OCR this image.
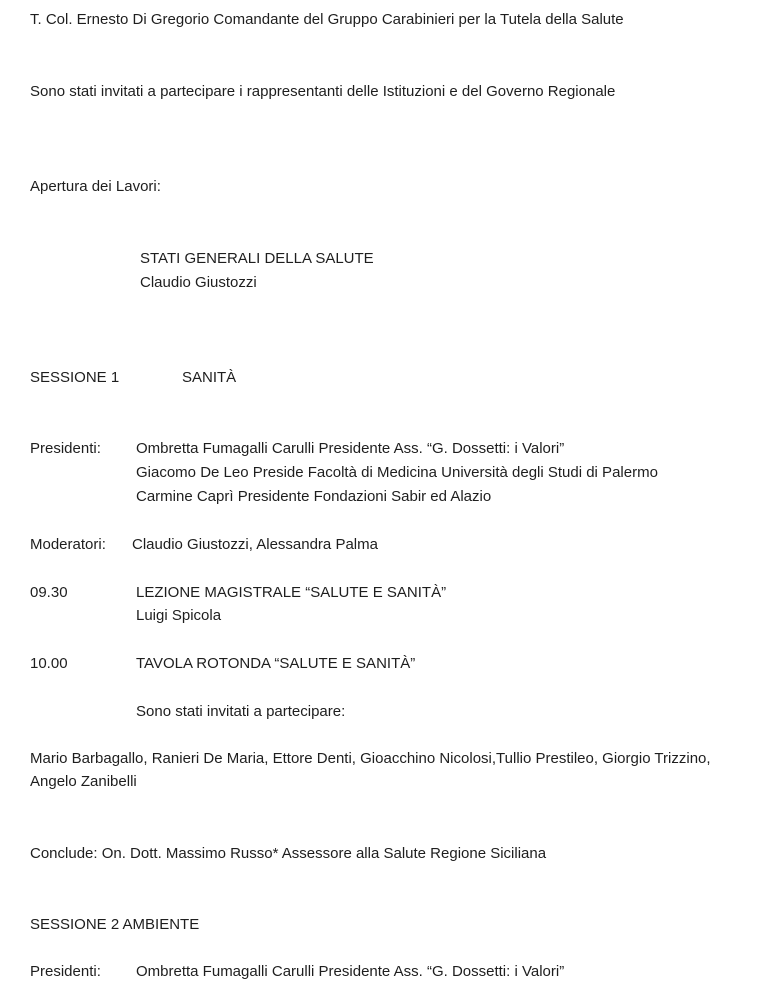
T. Col. Ernesto Di Gregorio Comandante del Gruppo Carabinieri per la Tutela della Salute
Sono stati invitati a partecipare i rappresentanti delle Istituzioni e del Governo Regionale
Apertura dei Lavori:
STATI GENERALI DELLA SALUTE
Claudio Giustozzi
SESSIONE 1	SANITÀ
Presidenti: Ombretta Fumagalli Carulli Presidente Ass. “G. Dossetti: i Valori”
Giacomo De Leo Preside Facoltà di Medicina Università degli Studi di Palermo
Carmine Caprì Presidente Fondazioni Sabir ed Alazio
Moderatori: Claudio Giustozzi, Alessandra Palma
09.30	LEZIONE MAGISTRALE “SALUTE E SANITÀ”
Luigi Spicola
10.00	TAVOLA ROTONDA “SALUTE E SANITÀ”
Sono stati invitati a partecipare:
Mario Barbagallo, Ranieri De Maria, Ettore Denti, Gioacchino Nicolosi,Tullio Prestileo, Giorgio Trizzino,
Angelo Zanibelli
Conclude: On. Dott. Massimo Russo* Assessore alla Salute Regione Siciliana
SESSIONE 2 AMBIENTE
Presidenti: Ombretta Fumagalli Carulli Presidente Ass. “G. Dossetti: i Valori”
